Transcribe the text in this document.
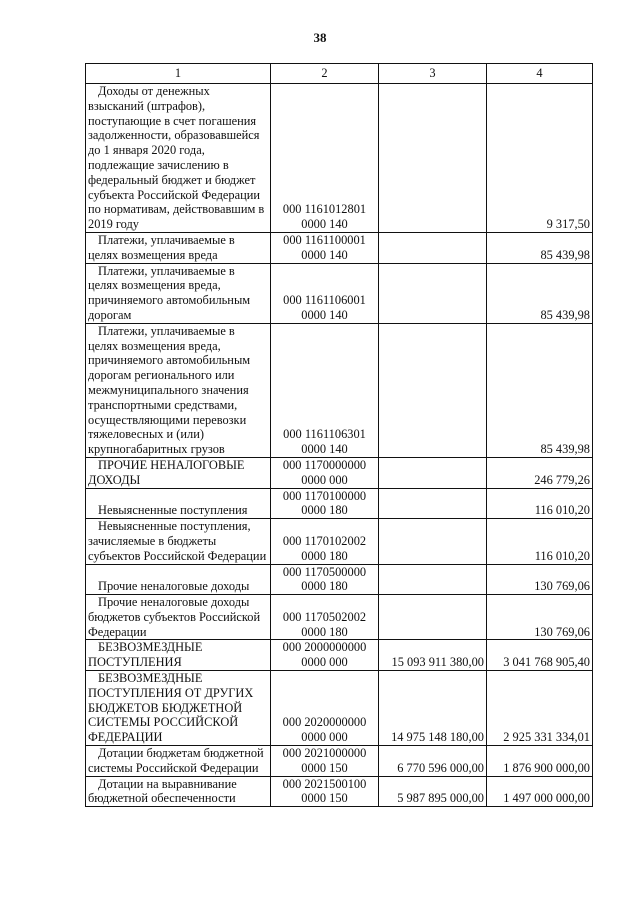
38
1	2	3	4
Доходы от денежных взысканий (штрафов), поступающие в счет погашения задолженности, образовавшейся до 1 января 2020 года, подлежащие зачислению в федеральный бюджет и бюджет субъекта Российской Федерации по нормативам, действовавшим в 2019 году	000 1161012801 0000 140		9 317,50
Платежи, уплачиваемые в целях возмещения вреда	000 1161100001 0000 140		85 439,98
Платежи, уплачиваемые в целях возмещения вреда, причиняемого автомобильным дорогам	000 1161106001 0000 140		85 439,98
Платежи, уплачиваемые в целях возмещения вреда, причиняемого автомобильным дорогам регионального или межмуниципального значения транспортными средствами, осуществляющими перевозки тяжеловесных и (или) крупногабаритных грузов	000 1161106301 0000 140		85 439,98
ПРОЧИЕ НЕНАЛОГОВЫЕ ДОХОДЫ	000 1170000000 0000 000		246 779,26
Невыясненные поступления	000 1170100000 0000 180		116 010,20
Невыясненные поступления, зачисляемые в бюджеты субъектов Российской Федерации	000 1170102002 0000 180		116 010,20
Прочие неналоговые доходы	000 1170500000 0000 180		130 769,06
Прочие неналоговые доходы бюджетов субъектов Российской Федерации	000 1170502002 0000 180		130 769,06
БЕЗВОЗМЕЗДНЫЕ ПОСТУПЛЕНИЯ	000 2000000000 0000 000	15 093 911 380,00	3 041 768 905,40
БЕЗВОЗМЕЗДНЫЕ ПОСТУПЛЕНИЯ ОТ ДРУГИХ БЮДЖЕТОВ БЮДЖЕТНОЙ СИСТЕМЫ РОССИЙСКОЙ ФЕДЕРАЦИИ	000 2020000000 0000 000	14 975 148 180,00	2 925 331 334,01
Дотации бюджетам бюджетной системы Российской Федерации	000 2021000000 0000 150	6 770 596 000,00	1 876 900 000,00
Дотации на выравнивание бюджетной обеспеченности	000 2021500100 0000 150	5 987 895 000,00	1 497 000 000,00
